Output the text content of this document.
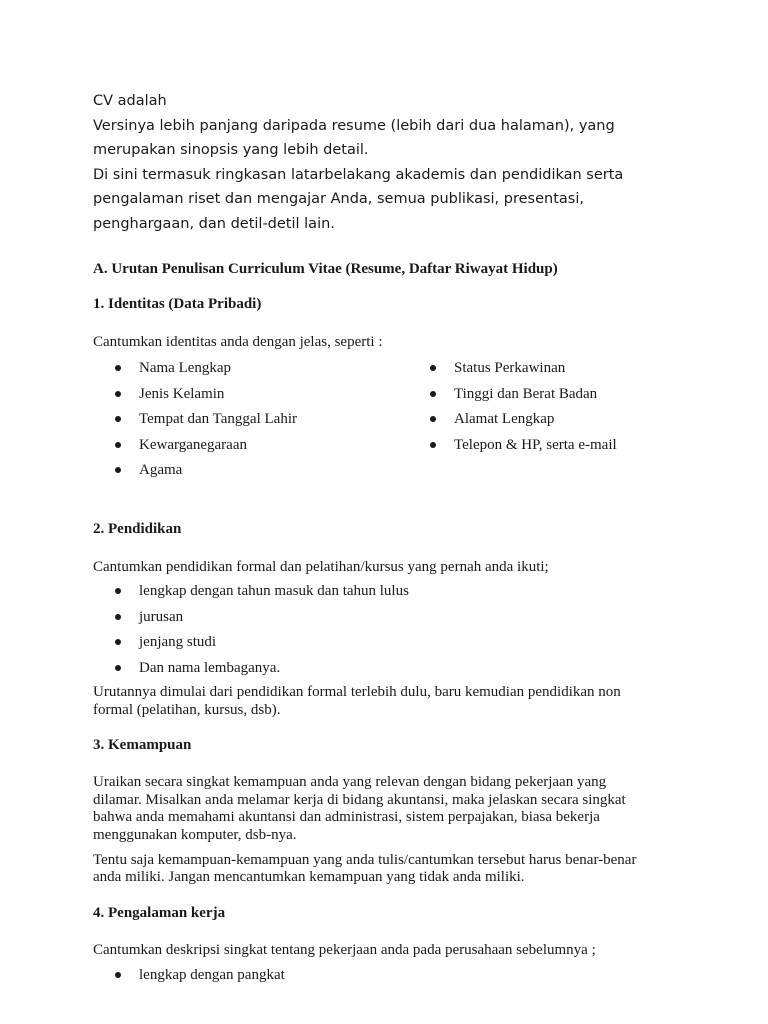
CV adalah

Versinya lebih panjang daripada resume (lebih dari dua halaman), yang

merupakan sinopsis yang lebih detail.

Di sini termasuk ringkasan latarbelakang akademis dan pendidikan serta

pengalaman riset dan mengajar Anda, semua publikasi, presentasi,

penghargaan, dan detil-detil lain.

A. Urutan Penulisan Curriculum Vitae (Resume, Daftar Riwayat Hidup)

1. Identitas (Data Pribadi)

Cantumkan identitas anda dengan jelas, seperti :

Nama Lengkap
Jenis Kelamin
Tempat dan Tanggal Lahir
Kewarganegaraan
Agama
Status Perkawinan
Tinggi dan Berat Badan
Alamat Lengkap
Telepon & HP, serta e-mail

2. Pendidikan

Cantumkan pendidikan formal dan pelatihan/kursus yang pernah anda ikuti;

lengkap dengan tahun masuk dan tahun lulus
jurusan
jenjang studi
Dan nama lembaganya.

Urutannya dimulai dari pendidikan formal terlebih dulu, baru kemudian pendidikan non

formal (pelatihan, kursus, dsb).

3. Kemampuan

Uraikan secara singkat kemampuan anda yang relevan dengan bidang pekerjaan yang

dilamar. Misalkan anda melamar kerja di bidang akuntansi, maka jelaskan secara singkat

bahwa anda memahami akuntansi dan administrasi, sistem perpajakan, biasa bekerja

menggunakan komputer, dsb-nya.

Tentu saja kemampuan-kemampuan yang anda tulis/cantumkan tersebut harus benar-benar

anda miliki. Jangan mencantumkan kemampuan yang tidak anda miliki.

4. Pengalaman kerja

Cantumkan deskripsi singkat tentang pekerjaan anda pada perusahaan sebelumnya ;

lengkap dengan pangkat
